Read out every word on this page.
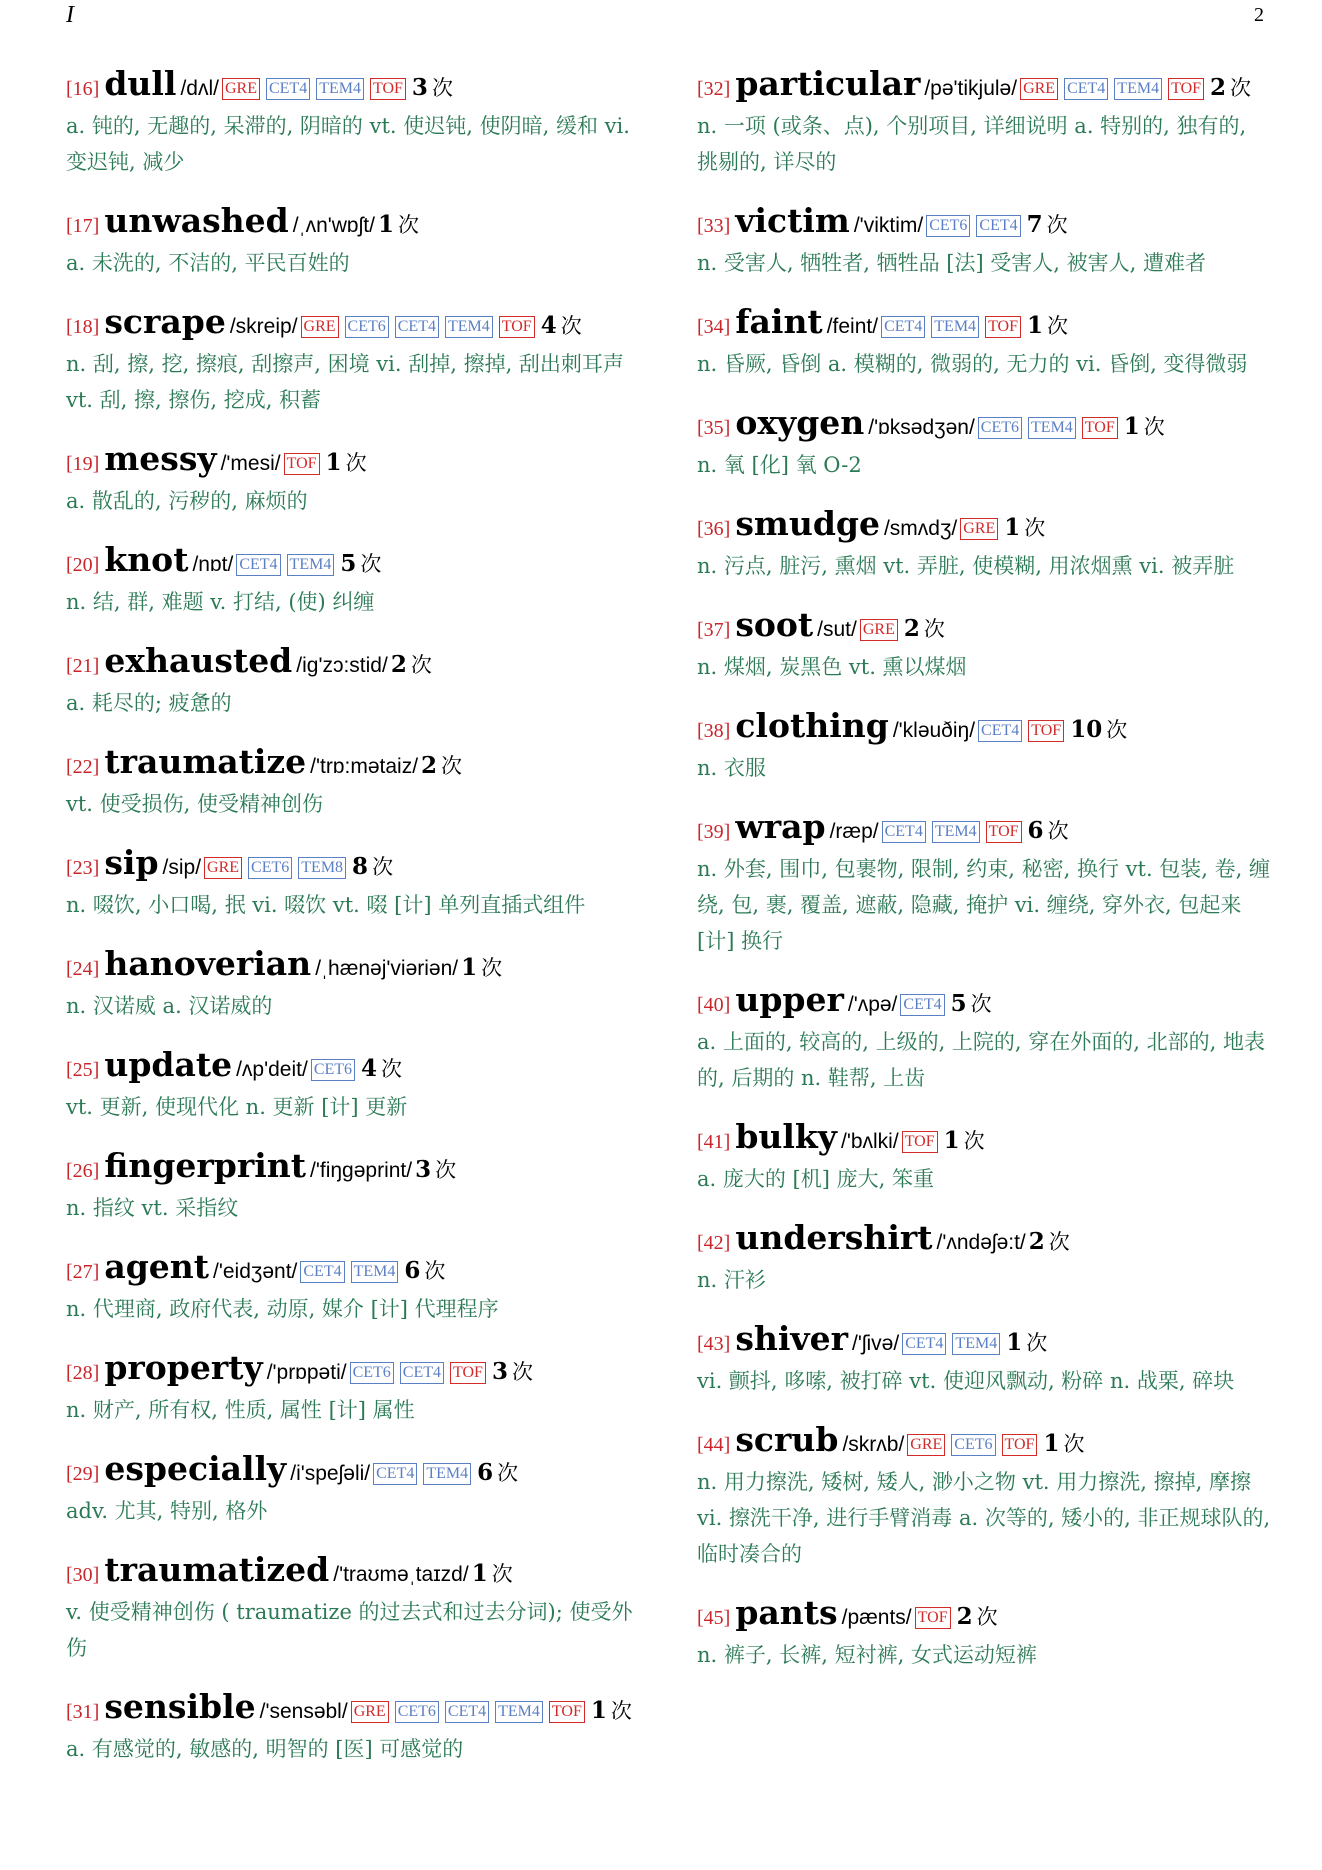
I	2
[16] dull /dʌl/ GRE CET4 TEM4 TOF 3 次
a. 钝的, 无趣的, 呆滞的, 阴暗的 vt. 使迟钝, 使阴暗, 缓和 vi. 变迟钝, 减少
[17] unwashed /ˌʌn'wɒʃt/ 1 次
a. 未洗的, 不洁的, 平民百姓的
[18] scrape /skreip/ GRE CET6 CET4 TEM4 TOF 4 次
n. 刮, 擦, 挖, 擦痕, 刮擦声, 困境 vi. 刮掉, 擦掉, 刮出刺耳声 vt. 刮, 擦, 擦伤, 挖成, 积蓄
[19] messy /'mesi/ TOF 1 次
a. 散乱的, 污秽的, 麻烦的
[20] knot /nɒt/ CET4 TEM4 5 次
n. 结, 群, 难题 v. 打结, (使) 纠缠
[21] exhausted /ig'zɔ:stid/ 2 次
a. 耗尽的; 疲惫的
[22] traumatize /'trɒ:mətaiz/ 2 次
vt. 使受损伤, 使受精神创伤
[23] sip /sip/ GRE CET6 TEM8 8 次
n. 啜饮, 小口喝, 抿 vi. 啜饮 vt. 啜 [计] 单列直插式组件
[24] hanoverian /ˌhænəj'viəriən/ 1 次
n. 汉诺威 a. 汉诺威的
[25] update /ʌp'deit/ CET6 4 次
vt. 更新, 使现代化 n. 更新 [计] 更新
[26] fingerprint /'fiŋgəprint/ 3 次
n. 指纹 vt. 采指纹
[27] agent /'eidʒənt/ CET4 TEM4 6 次
n. 代理商, 政府代表, 动原, 媒介 [计] 代理程序
[28] property /'prɒpəti/ CET6 CET4 TOF 3 次
n. 财产, 所有权, 性质, 属性 [计] 属性
[29] especially /i'speʃəli/ CET4 TEM4 6 次
adv. 尤其, 特别, 格外
[30] traumatized /'traʊməˌtaɪzd/ 1 次
v. 使受精神创伤 ( traumatize 的过去式和过去分词); 使受外伤
[31] sensible /'sensəbl/ GRE CET6 CET4 TEM4 TOF 1 次
a. 有感觉的, 敏感的, 明智的 [医] 可感觉的
[32] particular /pə'tikjulə/ GRE CET4 TEM4 TOF 2 次
n. 一项 (或条、点), 个别项目, 详细说明 a. 特别的, 独有的, 挑剔的, 详尽的
[33] victim /'viktim/ CET6 CET4 7 次
n. 受害人, 牺牲者, 牺牲品 [法] 受害人, 被害人, 遭难者
[34] faint /feint/ CET4 TEM4 TOF 1 次
n. 昏厥, 昏倒 a. 模糊的, 微弱的, 无力的 vi. 昏倒, 变得微弱
[35] oxygen /'ɒksədʒən/ CET6 TEM4 TOF 1 次
n. 氧 [化] 氧 O-2
[36] smudge /smʌdʒ/ GRE 1 次
n. 污点, 脏污, 熏烟 vt. 弄脏, 使模糊, 用浓烟熏 vi. 被弄脏
[37] soot /sut/ GRE 2 次
n. 煤烟, 炭黑色 vt. 熏以煤烟
[38] clothing /'kləuðiŋ/ CET4 TOF 10 次
n. 衣服
[39] wrap /ræp/ CET4 TEM4 TOF 6 次
n. 外套, 围巾, 包裹物, 限制, 约束, 秘密, 换行 vt. 包装, 卷, 缠绕, 包, 裹, 覆盖, 遮蔽, 隐藏, 掩护 vi. 缠绕, 穿外衣, 包起来 [计] 换行
[40] upper /'ʌpə/ CET4 5 次
a. 上面的, 较高的, 上级的, 上院的, 穿在外面的, 北部的, 地表的, 后期的 n. 鞋帮, 上齿
[41] bulky /'bʌlki/ TOF 1 次
a. 庞大的 [机] 庞大, 笨重
[42] undershirt /'ʌndəʃə:t/ 2 次
n. 汗衫
[43] shiver /'ʃivə/ CET4 TEM4 1 次
vi. 颤抖, 哆嗦, 被打碎 vt. 使迎风飘动, 粉碎 n. 战栗, 碎块
[44] scrub /skrʌb/ GRE CET6 TOF 1 次
n. 用力擦洗, 矮树, 矮人, 渺小之物 vt. 用力擦洗, 擦掉, 摩擦 vi. 擦洗干净, 进行手臂消毒 a. 次等的, 矮小的, 非正规球队的, 临时凑合的
[45] pants /pænts/ TOF 2 次
n. 裤子, 长裤, 短衬裤, 女式运动短裤
